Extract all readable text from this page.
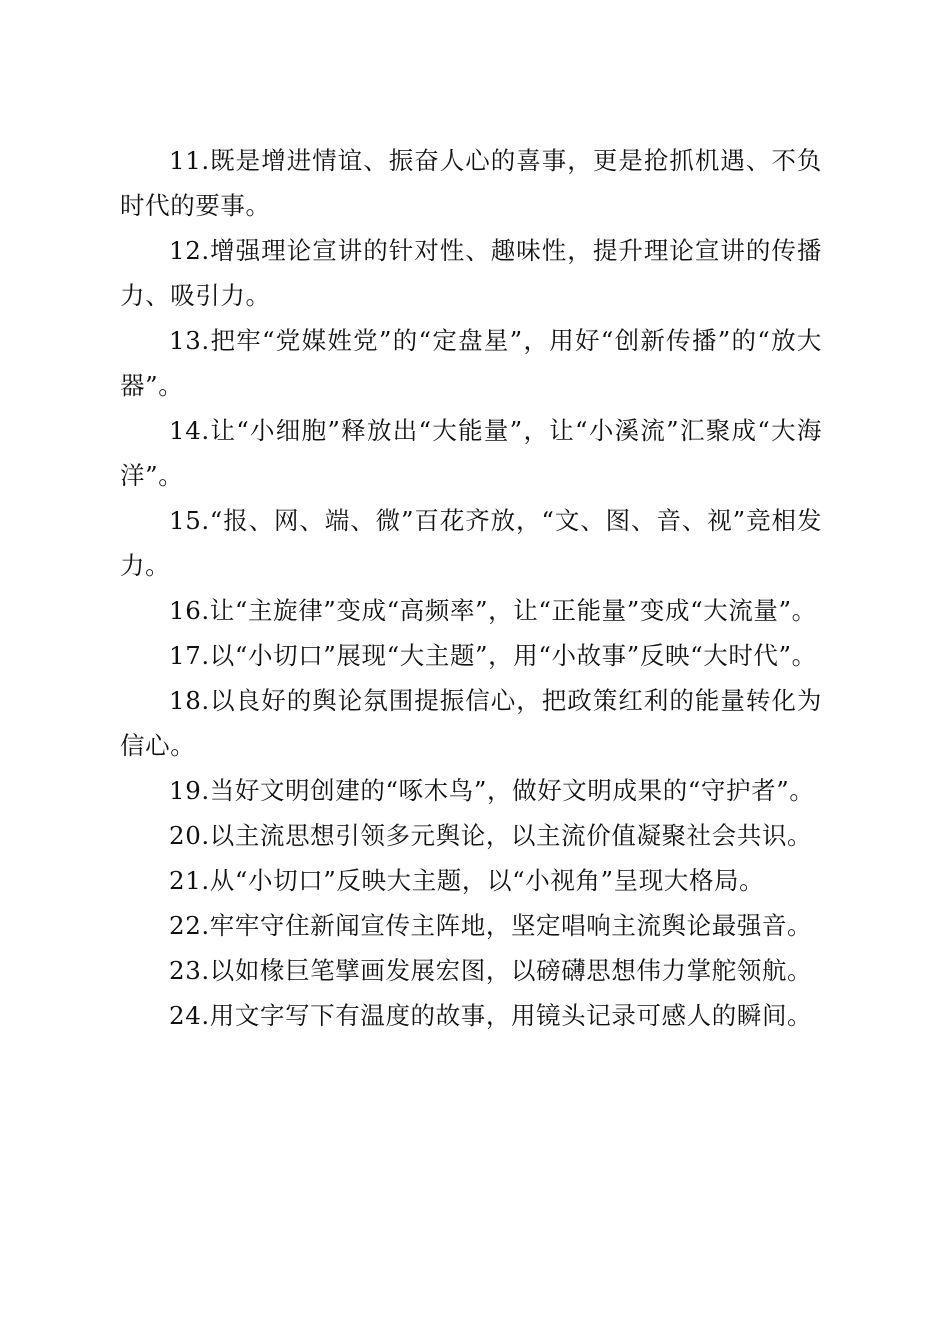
11.既是增进情谊、振奋人心的喜事，更是抢抓机遇、不负时代的要事。

12.增强理论宣讲的针对性、趣味性，提升理论宣讲的传播力、吸引力。

13.把牢“党媒姓党”的“定盘星”，用好“创新传播”的“放大器”。

14.让“小细胞”释放出“大能量”，让“小溪流”汇聚成“大海洋”。

15.“报、网、端、微”百花齐放，“文、图、音、视”竞相发力。

16.让“主旋律”变成“高频率”，让“正能量”变成“大流量”。

17.以“小切口”展现“大主题”，用“小故事”反映“大时代”。

18.以良好的舆论氛围提振信心，把政策红利的能量转化为信心。

19.当好文明创建的“啄木鸟”，做好文明成果的“守护者”。

20.以主流思想引领多元舆论，以主流价值凝聚社会共识。

21.从“小切口”反映大主题，以“小视角”呈现大格局。

22.牢牢守住新闻宣传主阵地，坚定唱响主流舆论最强音。

23.以如椽巨笔擘画发展宏图，以磅礴思想伟力掌舵领航。

24.用文字写下有温度的故事，用镜头记录可感人的瞬间。
